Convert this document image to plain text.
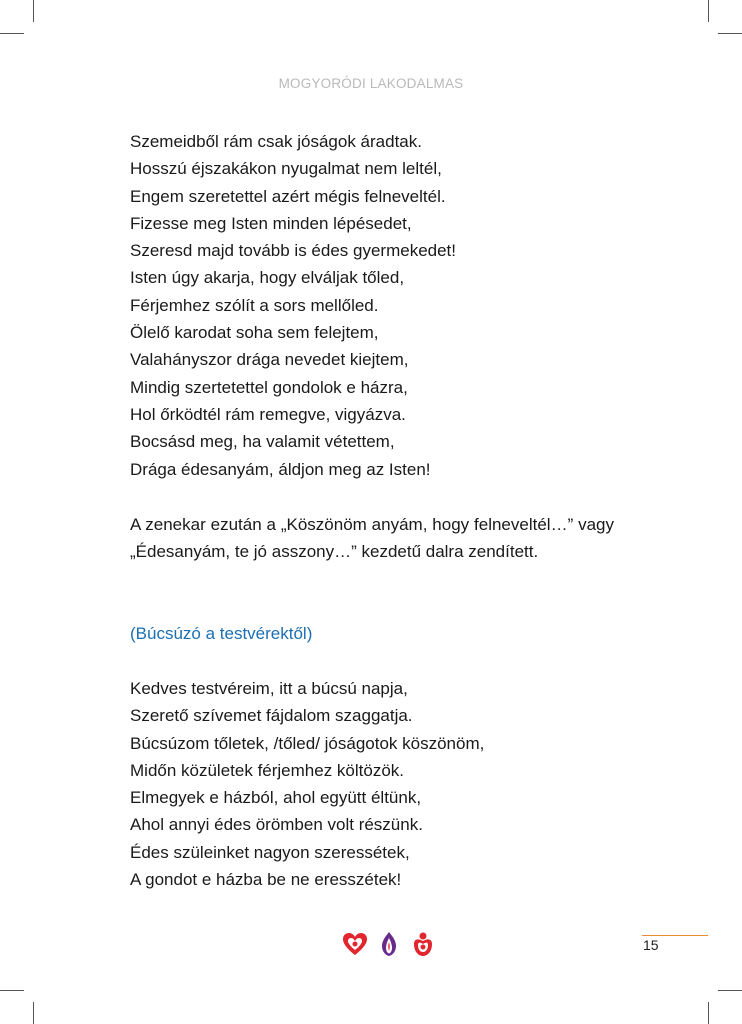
MOGYORÓDI LAKODALMAS
Szemeidből rám csak jóságok áradtak.
Hosszú éjszakákon nyugalmat nem leltél,
Engem szeretettel azért mégis felneveltél.
Fizesse meg Isten minden lépésedet,
Szeresd majd tovább is édes gyermekedet!
Isten úgy akarja, hogy elváljak tőled,
Férjemhez szólít a sors mellőled.
Ölelő karodat soha sem felejtem,
Valahányszor drága nevedet kiejtem,
Mindig szertetettel gondolok e házra,
Hol őrködtél rám remegve, vigyázva.
Bocsásd meg, ha valamit vétettem,
Drága édesanyám, áldjon meg az Isten!

A zenekar ezután a „Köszönöm anyám, hogy felneveltél…” vagy „Édesanyám, te jó asszony…” kezdetű dalra zendített.

(Búcsúzó a testvérektől)
Kedves testvéreim, itt a búcsú napja,
Szerető szívemet fájdalom szaggatja.
Búcsúzom tőletek, /tőled/ jóságotok köszönöm,
Midőn közületek férjemhez költözök.
Elmegyek e házból, ahol együtt éltünk,
Ahol annyi édes örömben volt részünk.
Édes szüleinket nagyon szeressétek,
A gondot e házba be ne eresszétek!
15
